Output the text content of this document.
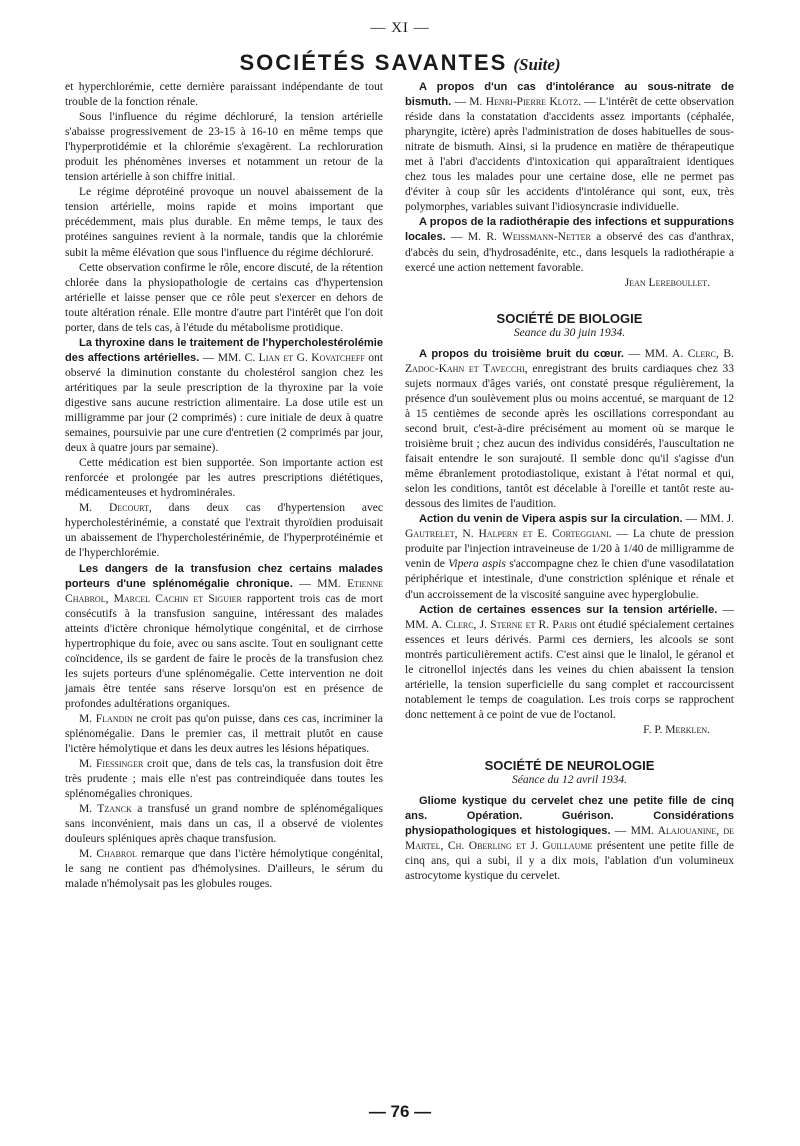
— XI —
SOCIÉTÉS SAVANTES (Suite)

et hyperchlorémie, cette dernière paraissant indépendante de tout trouble de la fonction rénale.

Sous l'influence du régime déchloruré, la tension artérielle s'abaisse progressivement de 23-15 à 16-10 en même temps que l'hyperprotidémie et la chlorémie s'exagèrent. La rechloruration produit les phénomènes inverses et notamment un retour de la tension artérielle à son chiffre initial.

Le régime déprotéiné provoque un nouvel abaissement de la tension artérielle, moins rapide et moins important que précédemment, mais plus durable. En même temps, le taux des protéines sanguines revient à la normale, tandis que la chlorémie subit la même élévation que sous l'influence du régime déchloruré.

Cette observation confirme le rôle, encore discuté, de la rétention chlorée dans la physiopathologie de certains cas d'hypertension artérielle et laisse penser que ce rôle peut s'exercer en dehors de toute altération rénale. Elle montre d'autre part l'intérêt que l'on doit porter, dans de tels cas, à l'étude du métabolisme protidique.

La thyroxine dans le traitement de l'hypercholestérolémie des affections artérielles. — MM. C. Lian et G. Kovatcheff ont observé la diminution constante du cholestérol sangion chez les artéritiques par la seule prescription de la thyroxine par la voie digestive sans aucune restriction alimentaire. La dose utile est un milligramme par jour (2 comprimés) : cure initiale de deux à quatre semaines, poursuivie par une cure d'entretien (2 comprimés par jour, deux à quatre jours par semaine).

Cette médication est bien supportée. Son importante action est renforcée et prolongée par les autres prescriptions diététiques, médicamenteuses et hydrominérales.

M. Decourt, dans deux cas d'hypertension avec hypercholestérinémie, a constaté que l'extrait thyroïdien produisait un abaissement de l'hypercholestérinémie, de l'hyperprotéinémie et de l'hyperchlorémie.

Les dangers de la transfusion chez certains malades porteurs d'une splénomégalie chronique. — MM. Etienne Chabrol, Marcel Cachin et Siguier rapportent trois cas de mort consécutifs à la transfusion sanguine, intéressant des malades atteints d'ictère chronique hémolytique congénital, et de cirrhose hypertrophique du foie, avec ou sans ascite. Tout en soulignant cette coïncidence, ils se gardent de faire le procès de la transfusion chez les sujets porteurs d'une splénomégalie. Cette intervention ne doit jamais être tentée sans réserve lorsqu'on est en présence de profondes adultérations organiques.

M. Flandin ne croit pas qu'on puisse, dans ces cas, incriminer la splénomégalie. Dans le premier cas, il mettrait plutôt en cause l'ictère hémolytique et dans les deux autres les lésions hépatiques.

M. Fiessinger croit que, dans de tels cas, la transfusion doit être très prudente ; mais elle n'est pas contreindiquée dans toutes les splénomégalies chroniques.

M. Tzanck a transfusé un grand nombre de splénomégaliques sans inconvénient, mais dans un cas, il a observé de violentes douleurs spléniques après chaque transfusion.

M. Chabrol remarque que dans l'ictère hémolytique congénital, le sang ne contient pas d'hémolysines. D'ailleurs, le sérum du malade n'hémolysait pas les globules rouges.

A propos d'un cas d'intolérance au sous-nitrate de bismuth. — M. Henri-Pierre Klotz. — L'intérêt de cette observation réside dans la constatation d'accidents assez importants (céphalée, pharyngite, ictère) après l'administration de doses habituelles de sous-nitrate de bismuth. Ainsi, si la prudence en matière de thérapeutique met à l'abri d'accidents d'intoxication qui apparaîtraient identiques chez tous les malades pour une certaine dose, elle ne permet pas d'éviter à coup sûr les accidents d'intolérance qui sont, eux, très polymorphes, variables suivant l'idiosyncrasie individuelle.

A propos de la radiothérapie des infections et suppurations locales. — M. R. Weissmann-Netter a observé des cas d'anthrax, d'abcès du sein, d'hydrosadénite, etc., dans lesquels la radiothérapie a exercé une action nettement favorable.

Jean Lereboullet.

SOCIÉTÉ DE BIOLOGIE

Seance du 30 juin 1934.

A propos du troisième bruit du cœur. — MM. A. Clerc, B. Zadoc-Kahn et Tavecchi, enregistrant des bruits cardiaques chez 33 sujets normaux d'âges variés, ont constaté presque régulièrement, la présence d'un soulèvement plus ou moins accentué, se marquant de 12 à 15 centièmes de seconde après les oscillations correspondant au second bruit, c'est-à-dire précisément au moment où se marque le troisième bruit ; chez aucun des individus considérés, l'auscultation ne faisait entendre le son surajouté. Il semble donc qu'il s'agisse d'un même ébranlement protodiastolique, existant à l'état normal et qui, selon les conditions, tantôt est décelable à l'oreille et tantôt reste au-dessous des limites de l'audition.

Action du venin de Vipera aspis sur la circulation. — MM. J. Gautrelet, N. Halpern et E. Corteggiani. — La chute de pression produite par l'injection intraveineuse de 1/20 à 1/40 de milligramme de venin de Vipera aspis s'accompagne chez le chien d'une vasodilatation périphérique et intestinale, d'une constriction splénique et rénale et d'un accroissement de la viscosité sanguine avec hyperglobulie.

Action de certaines essences sur la tension artérielle. — MM. A. Clerc, J. Sterne et R. Paris ont étudié spécialement certaines essences et leurs dérivés. Parmi ces derniers, les alcools se sont montrés particulièrement actifs. C'est ainsi que le linalol, le géranol et le citronellol injectés dans les veines du chien abaissent la tension artérielle, la tension superficielle du sang complet et raccourcissent notablement le temps de coagulation. Les trois corps se rapprochent donc nettement à ce point de vue de l'octanol.

F. P. Merklen.

SOCIÉTÉ DE NEUROLOGIE

Séance du 12 avril 1934.

Gliome kystique du cervelet chez une petite fille de cinq ans. Opération. Guérison. Considérations physiopathologiques et histologiques. — MM. Alajouanine, de Martel, Ch. Oberling et J. Guillaume présentent une petite fille de cinq ans, qui a subi, il y a dix mois, l'ablation d'un volumineux astrocytome kystique du cervelet.

— 76 —
